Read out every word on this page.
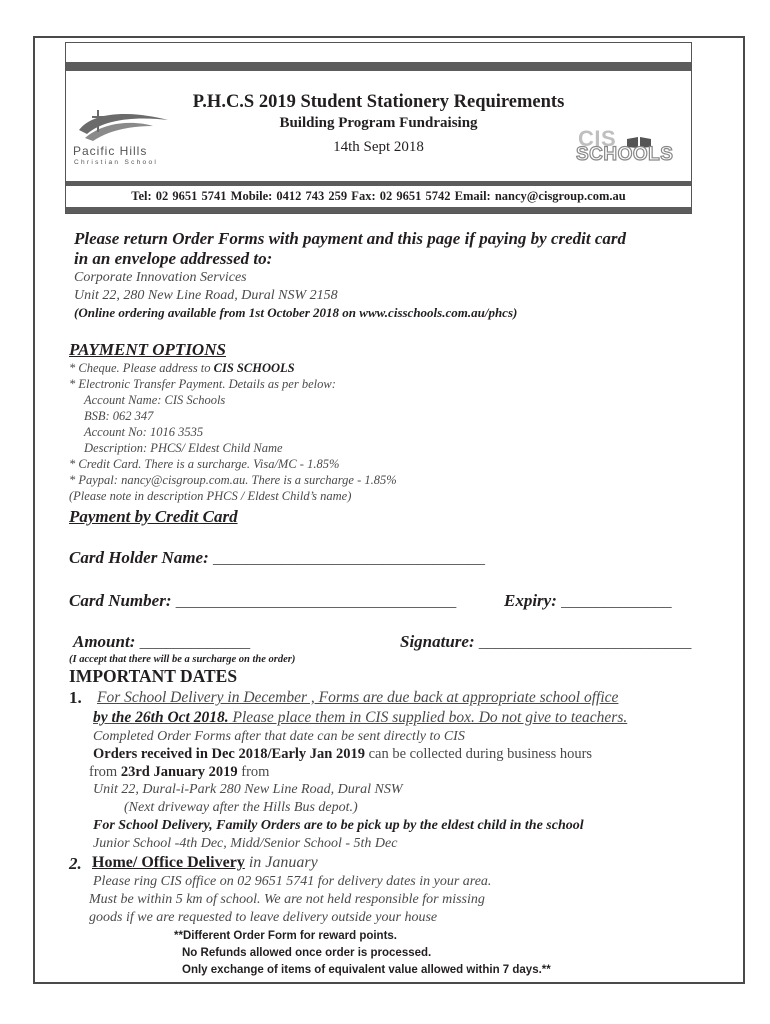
Pacific Hills
Christian School
P.H.C.S 2019 Student Stationery Requirements
Building Program Fundraising
14th Sept 2018	CIS
SCHOOLS
Tel: 02 9651 5741 Mobile: 0412 743 259 Fax: 02 9651 5742 Email: nancy@cisgroup.com.au
Please return Order Forms with payment and this page if paying by credit card
in an envelope addressed to:
Corporate Innovation Services
Unit 22, 280 New Line Road, Dural NSW 2158
(Online ordering available from 1st October 2018 on www.cisschools.com.au/phcs)
PAYMENT OPTIONS
* Cheque. Please address to CIS SCHOOLS
* Electronic Transfer Payment. Details as per below:
Account Name: CIS Schools
BSB: 062 347
Account No: 1016 3535
Description: PHCS/ Eldest Child Name
* Credit Card. There is a surcharge. Visa/MC - 1.85%
* Paypal: nancy@cisgroup.com.au. There is a surcharge - 1.85%
(Please note in description PHCS / Eldest Child’s name)
Payment by Credit Card
Card Holder Name: ________________________________
Card Number: _________________________________	Expiry: _____________
Amount: _____________	Signature: _________________________
(I accept that there will be a surcharge on the order)
IMPORTANT DATES
1. For School Delivery in December , Forms are due back at appropriate school office
by the 26th Oct 2018. Please place them in CIS supplied box. Do not give to teachers.
Completed Order Forms after that date can be sent directly to CIS
Orders received in Dec 2018/Early Jan 2019 can be collected during business hours
from 23rd January 2019 from
Unit 22, Dural-i-Park 280 New Line Road, Dural NSW
(Next driveway after the Hills Bus depot.)
For School Delivery, Family Orders are to be pick up by the eldest child in the school
Junior School -4th Dec, Midd/Senior School - 5th Dec
2. Home/ Office Delivery in January
Please ring CIS office on 02 9651 5741 for delivery dates in your area.
Must be within 5 km of school. We are not held responsible for missing
goods if we are requested to leave delivery outside your house
**Different Order Form for reward points.
No Refunds allowed once order is processed.
Only exchange of items of equivalent value allowed within 7 days.**
